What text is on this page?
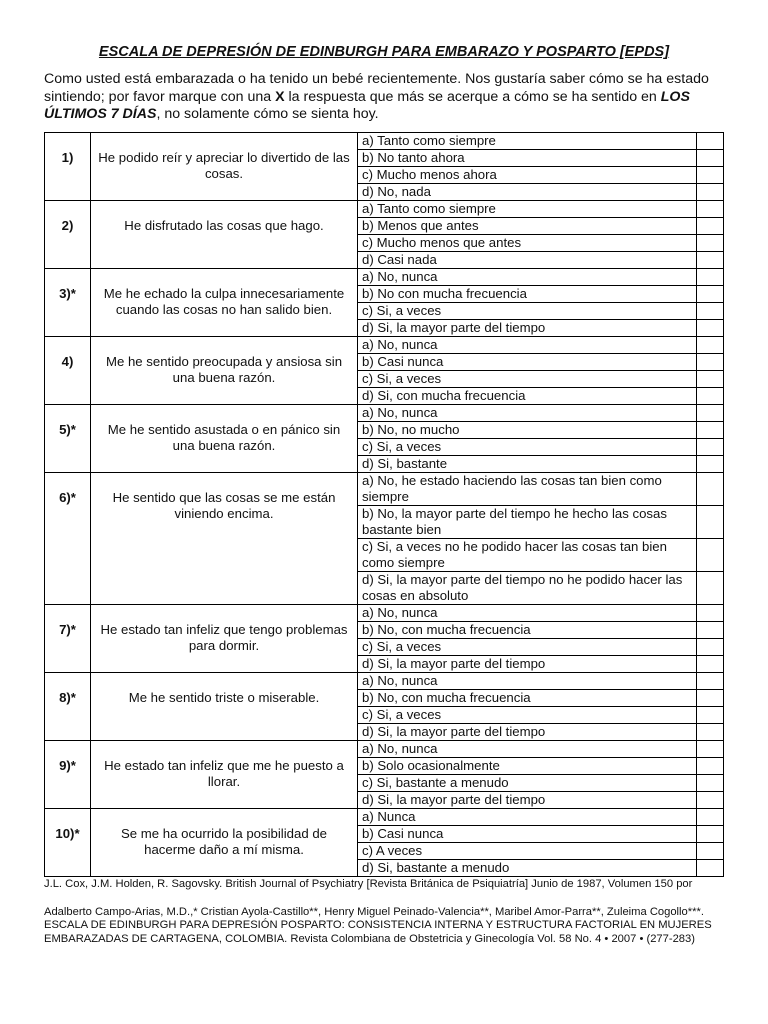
ESCALA DE DEPRESIÓN DE EDINBURGH PARA EMBARAZO Y POSPARTO [EPDS]
Como usted está embarazada o ha tenido un bebé recientemente. Nos gustaría saber cómo se ha estado sintiendo; por favor marque con una X la respuesta que más se acerque a cómo se ha sentido en LOS ÚLTIMOS 7 DÍAS, no solamente cómo se sienta hoy.
1)	He podido reír y apreciar lo divertido de las cosas.	a) Tanto como siempre	
		b) No tanto ahora	
		c) Mucho menos ahora	
		d) No, nada	
2)	He disfrutado las cosas que hago.	a) Tanto como siempre	
		b) Menos que antes	
		c) Mucho menos que antes	
		d) Casi nada	
3)*	Me he echado la culpa innecesariamente cuando las cosas no han salido bien.	a) No, nunca	
		b) No con mucha frecuencia	
		c) Si, a veces	
		d) Si, la mayor parte del tiempo	
4)	Me he sentido preocupada y ansiosa sin una buena razón.	a) No, nunca	
		b) Casi nunca	
		c) Si, a veces	
		d) Si, con mucha frecuencia	
5)*	Me he sentido asustada o en pánico sin una buena razón.	a) No, nunca	
		b) No, no mucho	
		c) Si, a veces	
		d) Si, bastante	
6)*	He sentido que las cosas se me están viniendo encima.	a) No, he estado haciendo las cosas tan bien como siempre	
		b) No, la mayor parte del tiempo he hecho las cosas bastante bien	
		c) Si, a veces no he podido hacer las cosas tan bien como siempre	
		d) Si, la mayor parte del tiempo no he podido hacer las cosas en absoluto	
7)*	He estado tan infeliz que tengo problemas para dormir.	a) No, nunca	
		b) No, con mucha frecuencia	
		c) Si, a veces	
		d) Si, la mayor parte del tiempo	
8)*	Me he sentido triste o miserable.	a) No, nunca	
		b) No, con mucha frecuencia	
		c) Si, a veces	
		d) Si, la mayor parte del tiempo	
9)*	He estado tan infeliz que me he puesto a llorar.	a) No, nunca	
		b) Solo ocasionalmente	
		c) Si, bastante a menudo	
		d) Si, la mayor parte del tiempo	
10)*	Se me ha ocurrido la posibilidad de hacerme daño a mí misma.	a) Nunca	
		b) Casi nunca	
		c) A veces	
		d) Si, bastante a menudo	

J.L. Cox, J.M. Holden, R. Sagovsky. British Journal of Psychiatry [Revista Británica de Psiquiatría] Junio de 1987, Volumen 150 por

Adalberto Campo-Arias, M.D.,* Cristian Ayola-Castillo**, Henry Miguel Peinado-Valencia**, Maribel Amor-Parra**, Zuleima Cogollo***. ESCALA DE EDINBURGH PARA DEPRESIÓN POSPARTO: CONSISTENCIA INTERNA Y ESTRUCTURA FACTORIAL EN MUJERES EMBARAZADAS DE CARTAGENA, COLOMBIA. Revista Colombiana de Obstetricia y Ginecología Vol. 58 No. 4 • 2007 • (277-283)
